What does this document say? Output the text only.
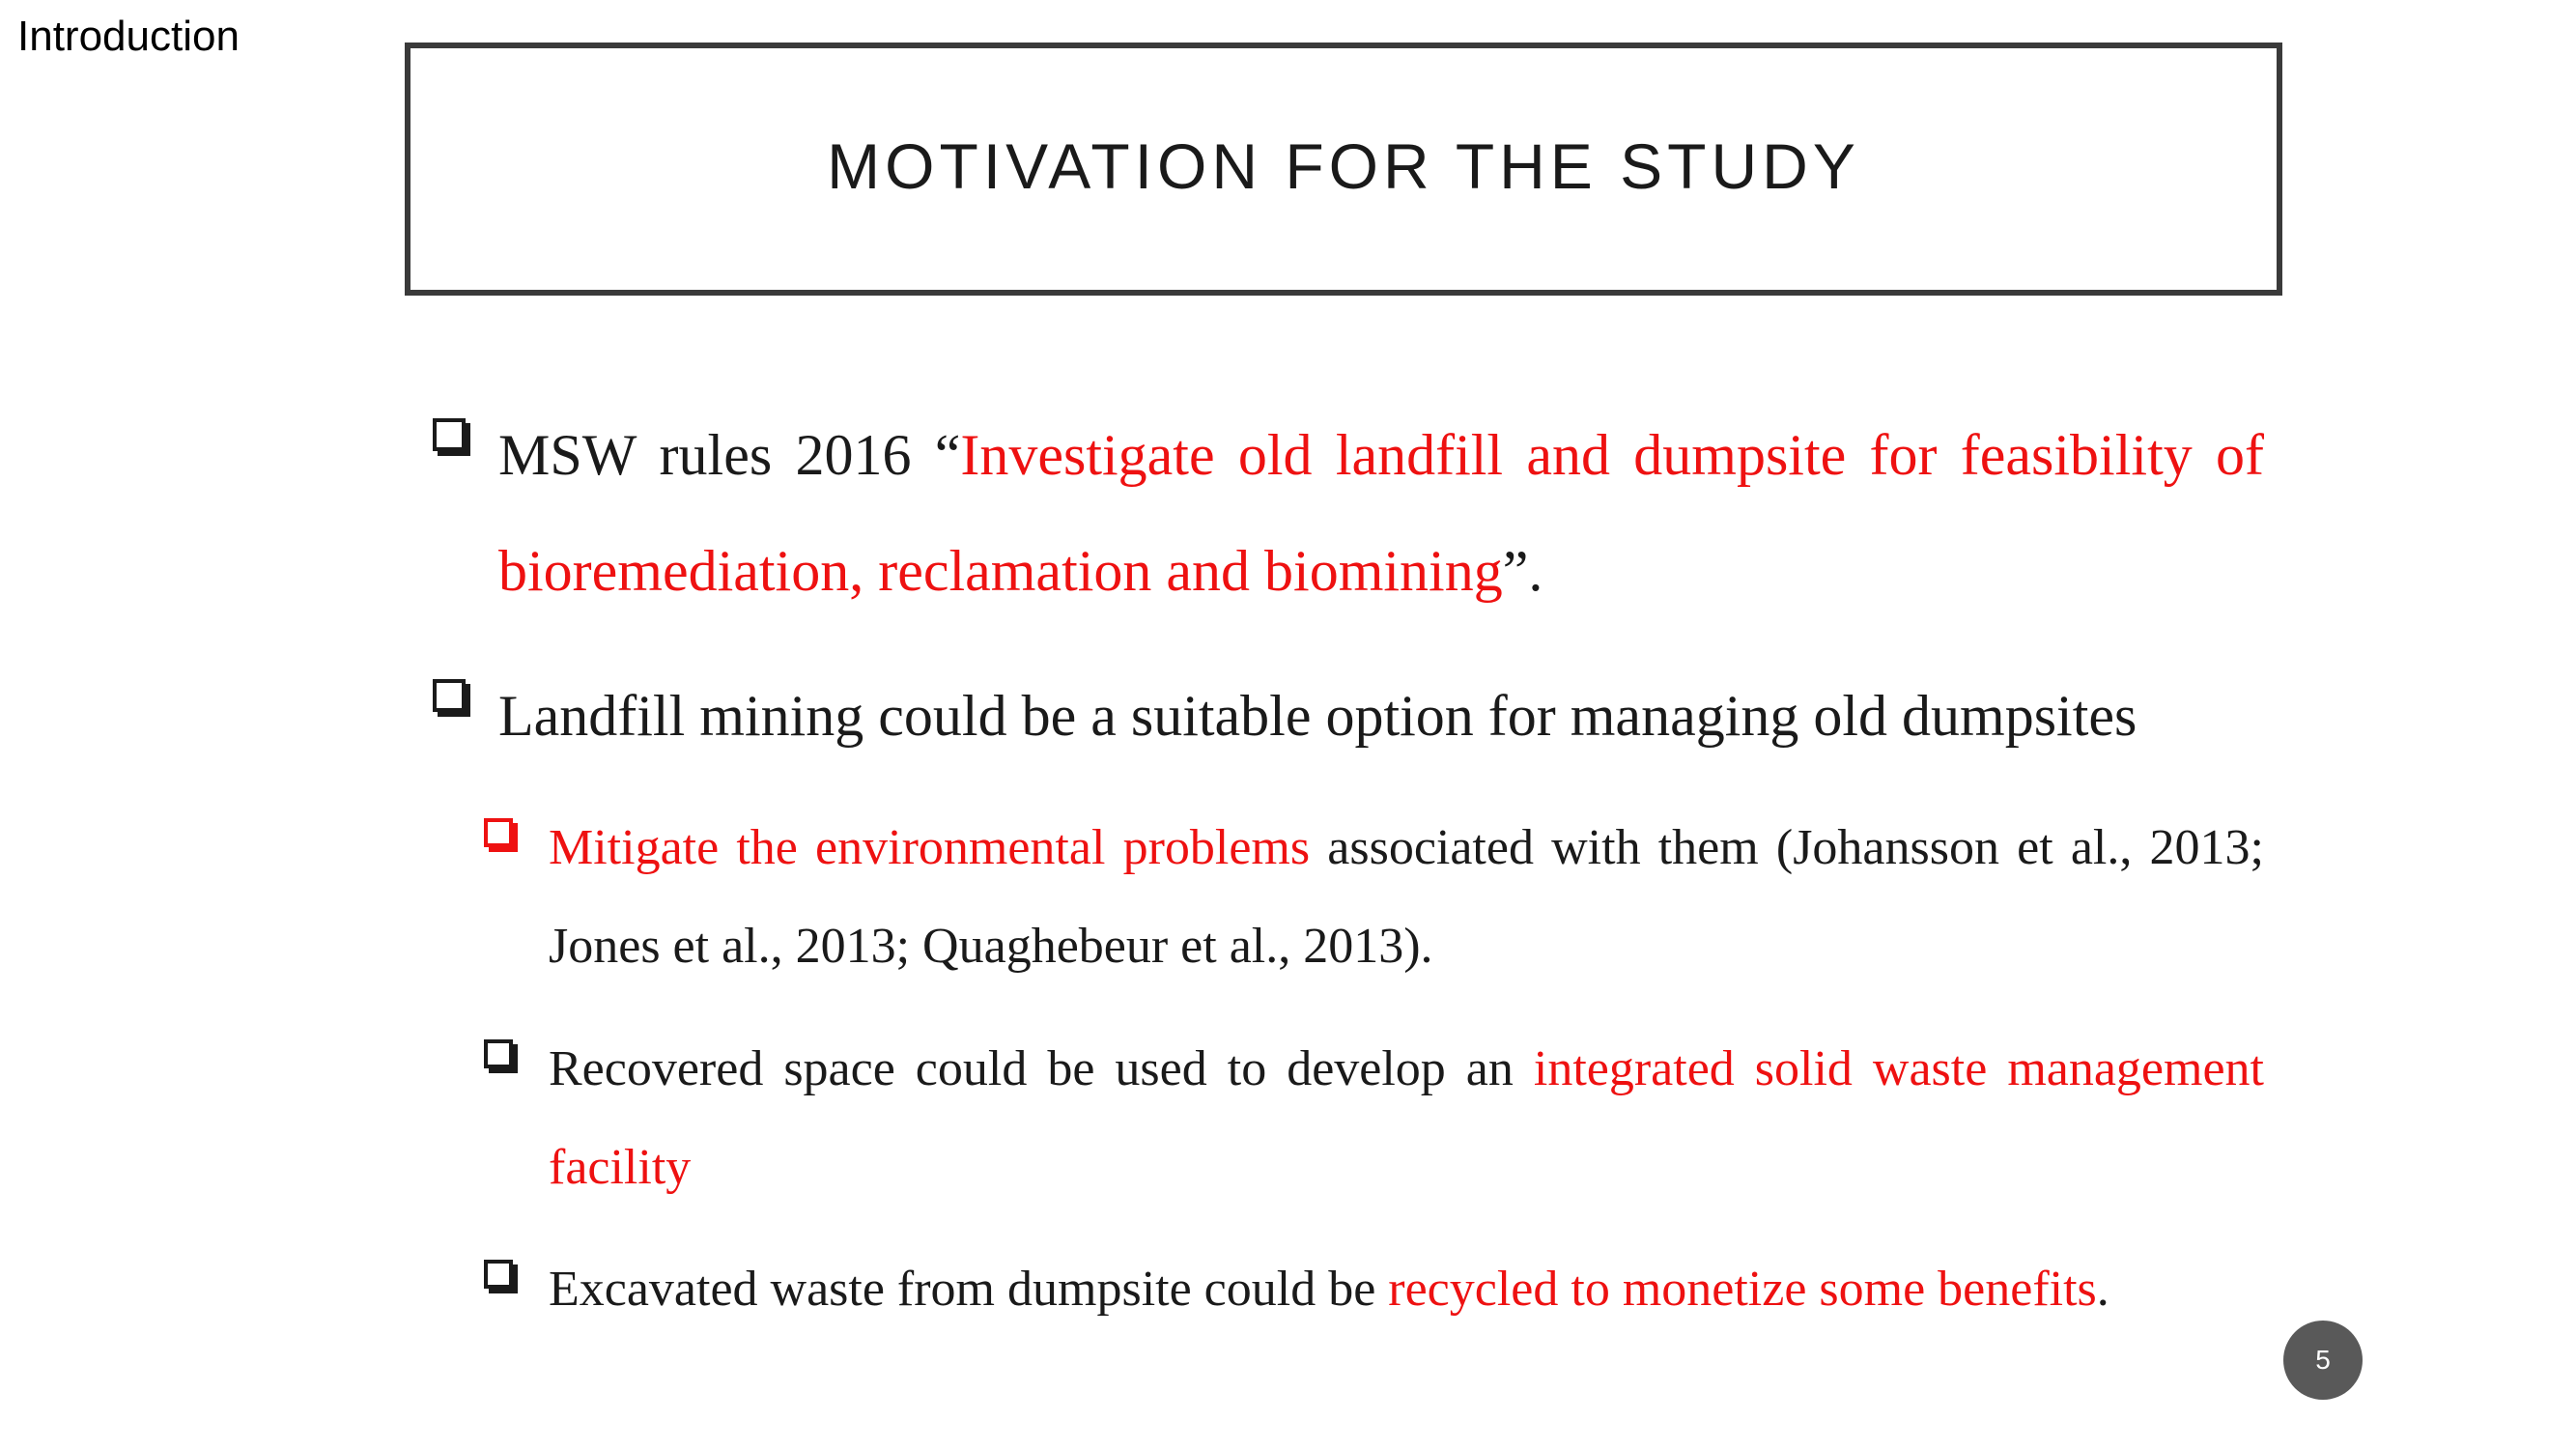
Introduction
MOTIVATION FOR THE STUDY
MSW rules 2016 “Investigate old landfill and dumpsite for feasibility of bioremediation, reclamation and biomining”.
Landfill mining could be a suitable option for managing old dumpsites
Mitigate the environmental problems associated with them (Johansson et al., 2013; Jones et al., 2013; Quaghebeur et al., 2013).
Recovered space could be used to develop an integrated solid waste management facility
Excavated waste from dumpsite could be recycled to monetize some benefits.
5
